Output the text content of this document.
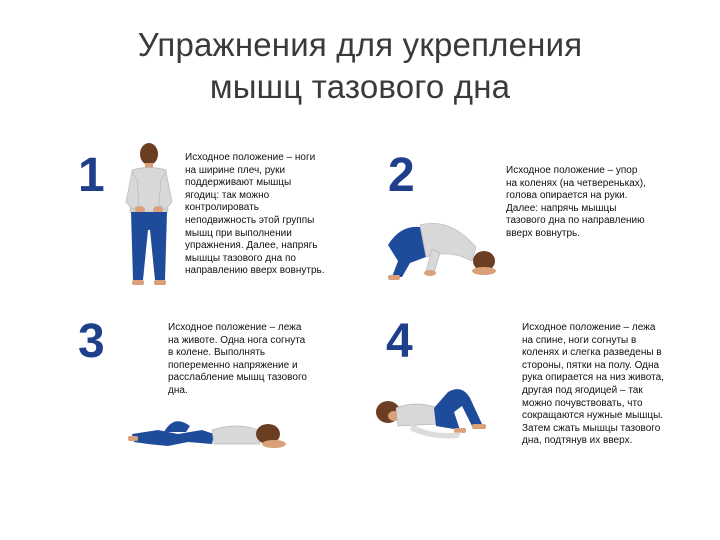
Упражнения для укрепления
мышц тазового дна
1	Исходное положение – ноги
на ширине плеч, руки
поддерживают мышцы
ягодиц: так можно
контролировать
неподвижность этой группы
мышц при выполнении
упражнения. Далее, напрягь
мышцы тазового дна по
направлению вверх вовнутрь.
2	Исходное положение – упор
на коленях (на четвереньках),
голова опирается на руки.
Далее: напрячь мышцы
тазового дна по направлению
вверх вовнутрь.
3	Исходное положение – лежа
на животе. Одна нога согнута
в колене. Выполнять
попеременно напряжение и
расслабление мышц тазового
дна.
4	Исходное положение – лежа
на спине, ноги согнуты в
коленях и слегка разведены в
стороны, пятки на полу. Одна
рука опирается на низ живота,
другая под ягодицей – так
можно почувствовать, что
сокращаются нужные мышцы.
Затем сжать мышцы тазового
дна, подтянув их вверх.
